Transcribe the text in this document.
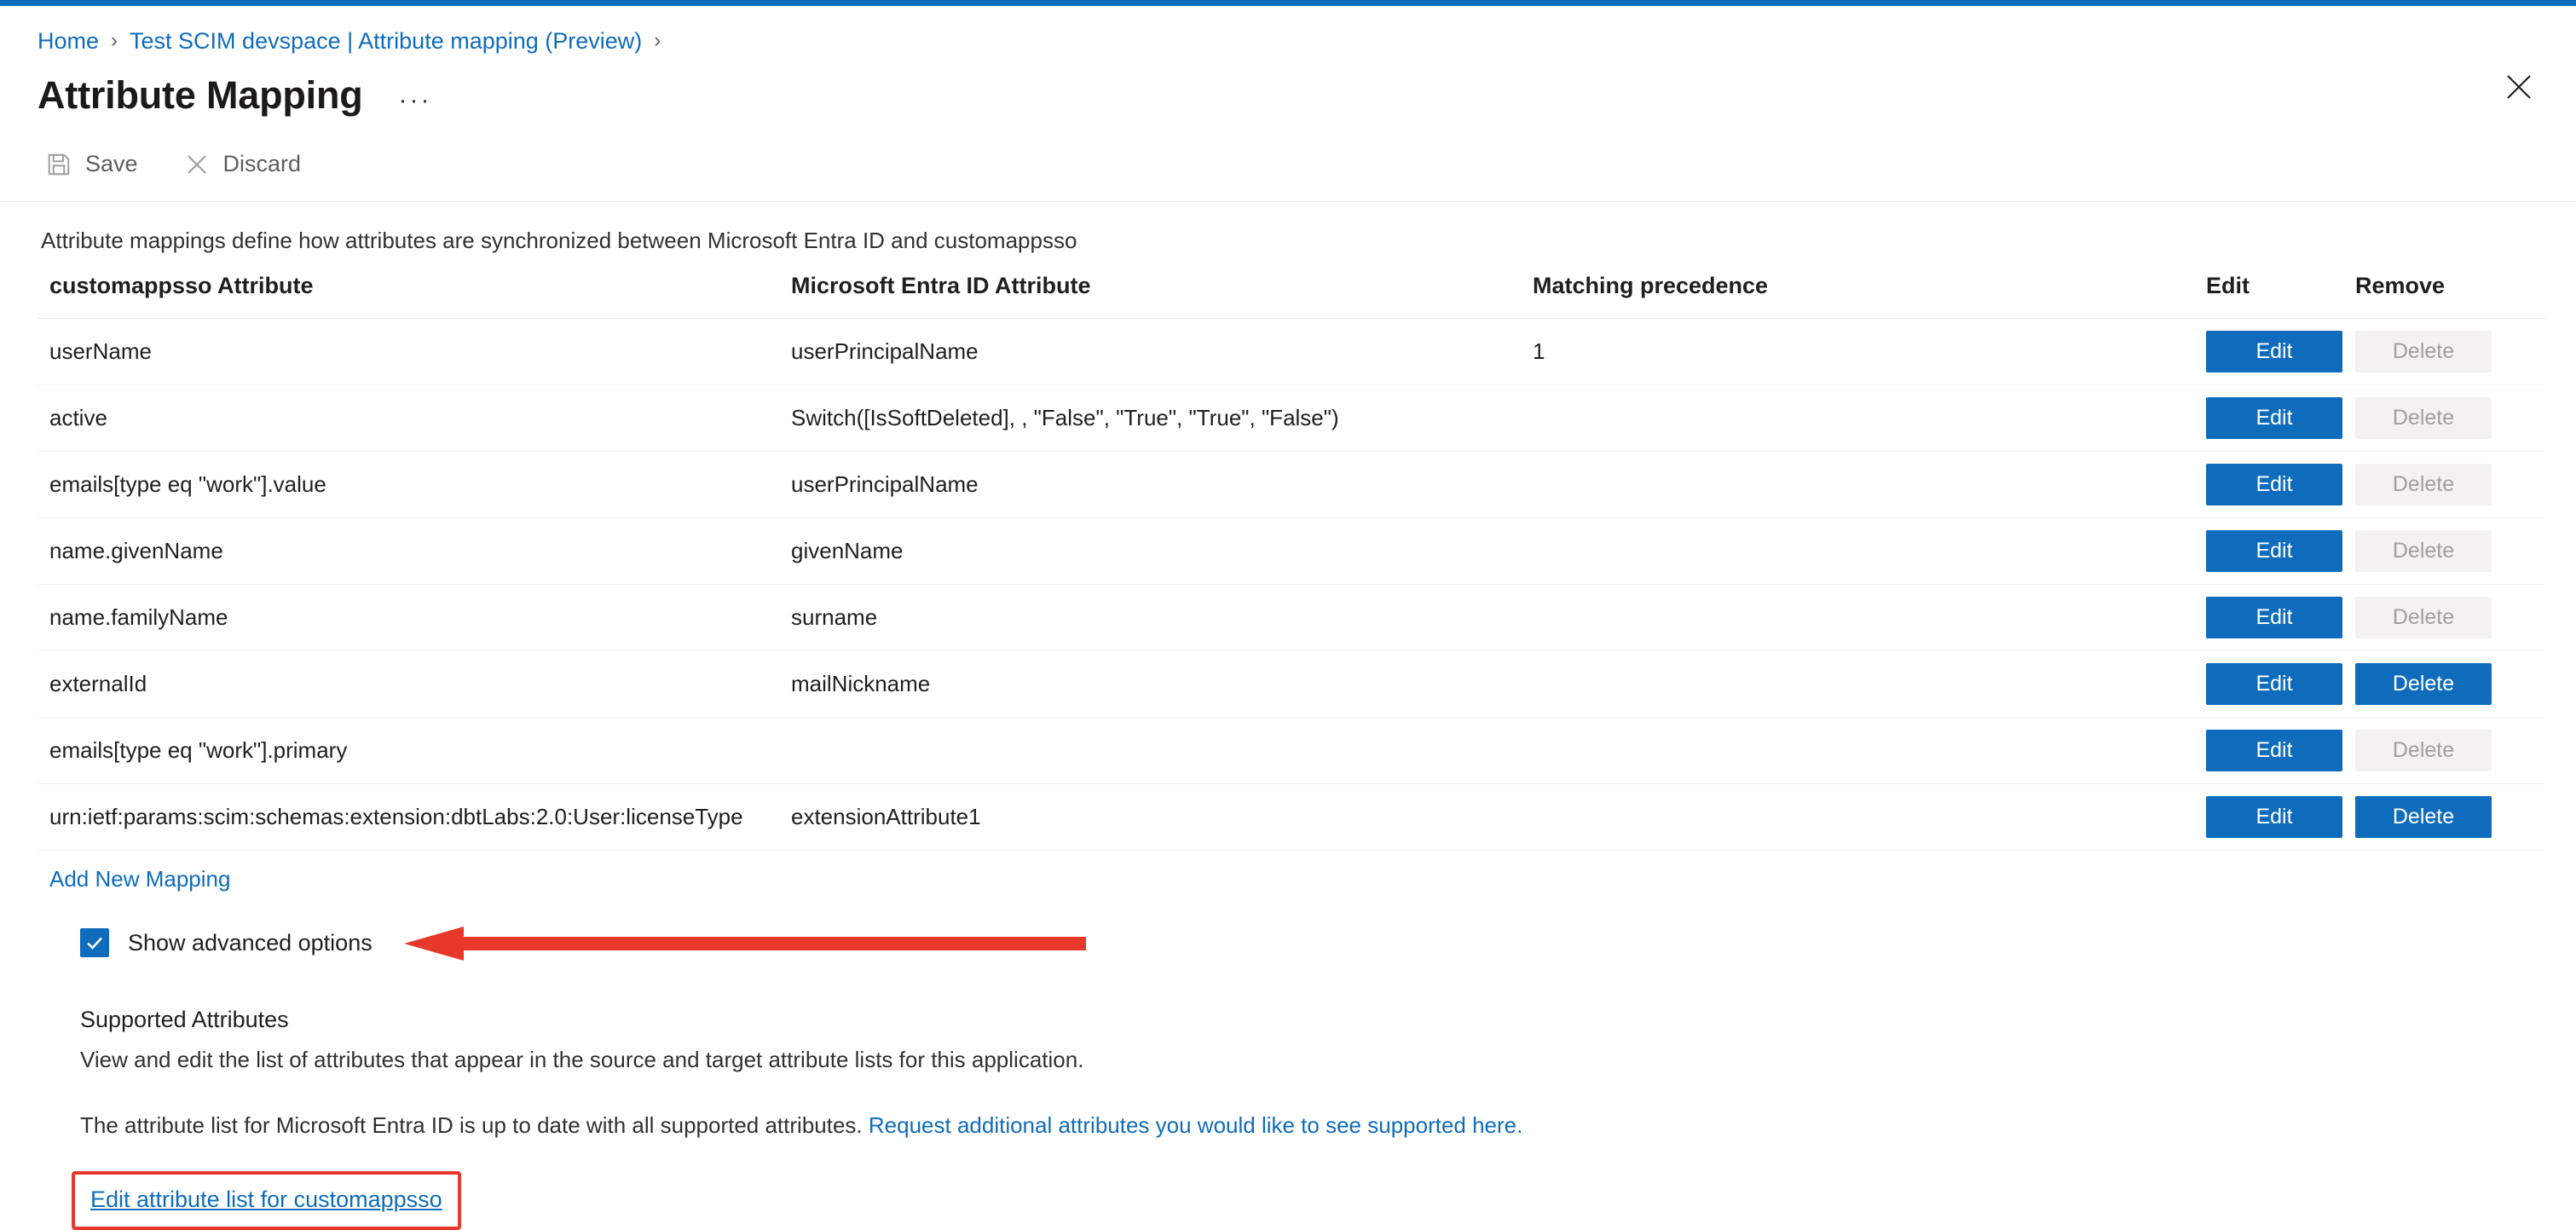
Home › Test SCIM devspace | Attribute mapping (Preview) ›
Attribute Mapping ···
Save	Discard
Attribute mappings define how attributes are synchronized between Microsoft Entra ID and customappsso
customappsso Attribute	Microsoft Entra ID Attribute	Matching precedence	Edit	Remove
userName	userPrincipalName	1	Edit	Delete
active	Switch([IsSoftDeleted], , "False", "True", "True", "False")		Edit	Delete
emails[type eq "work"].value	userPrincipalName		Edit	Delete
name.givenName	givenName		Edit	Delete
name.familyName	surname		Edit	Delete
externalId	mailNickname		Edit	Delete
emails[type eq "work"].primary			Edit	Delete
urn:ietf:params:scim:schemas:extension:dbtLabs:2.0:User:licenseType	extensionAttribute1		Edit	Delete
Add New Mapping
Show advanced options
Supported Attributes
View and edit the list of attributes that appear in the source and target attribute lists for this application.
The attribute list for Microsoft Entra ID is up to date with all supported attributes. Request additional attributes you would like to see supported here.
Edit attribute list for customappsso
